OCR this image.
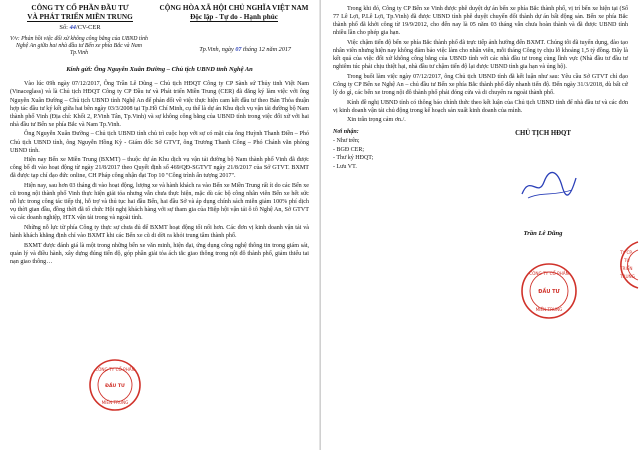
CÔNG TY CỔ PHẦN ĐẦU TƯ
VÀ PHÁT TRIỂN MIỀN TRUNG
Số: 44/CV-CER
CỘNG HÒA XÃ HỘI CHỦ NGHĨA VIỆT NAM
Độc lập - Tự do - Hạnh phúc
V/v: Phản hồi việc đối xử không công bằng của UBND tỉnh Nghệ An giữa hai nhà đầu tư Bến xe phía Bắc và Nam Tp.Vinh	Tp.Vinh, ngày 07 tháng 12 năm 2017
Kính gửi: Ông Nguyễn Xuân Đường – Chủ tịch UBND tỉnh Nghệ An

Vào lúc 09h ngày 07/12/2017, Ông Trần Lê Dũng – Chủ tịch HĐQT Công ty CP Sành sứ Thủy tinh Việt Nam (Vinaceglass) và là Chủ tịch HĐQT Công ty CP Đầu tư và Phát triển Miền Trung (CER) đã đăng ký làm việc với ông Nguyễn Xuân Đường – Chủ tịch UBND tỉnh Nghệ An để phản đối về việc thực hiện cam kết đầu tư theo Bản Thỏa thuận hợp tác đầu tư ký kết giữa hai bên ngày 03/3/2008 tại Tp.Hồ Chí Minh, cụ thể là dự án Khu dịch vụ vận tải đường bộ Nam thành phố Vinh (Địa chỉ: Khối 2, P.Vinh Tân, Tp.Vinh) và sự không công bằng của UBND tỉnh trong việc đối xử với hai nhà đầu tư Bến xe phía Bắc và Nam Tp.Vinh.

Ông Nguyễn Xuân Đường – Chủ tịch UBND tỉnh chủ trì cuộc họp với sự có mặt của ông Huỳnh Thanh Điền – Phó Chủ tịch UBND tỉnh, ông Nguyễn Hồng Kỳ - Giám đốc Sở GTVT, ông Trương Thanh Công – Phó Chánh văn phòng UBND tỉnh.

Hiện nay Bến xe Miền Trung (BXMT) – thuộc dự án Khu dịch vụ vận tải đường bộ Nam thành phố Vinh đã được công bố đi vào hoạt động từ ngày 21/8/2017 theo Quyết định số 469/QĐ-SGTVT ngày 21/8/2017 của Sở GTVT. BXMT đã được tạp chí đạo đức online, CH Pháp công nhận đạt Top 10 "Công trình ấn tượng 2017".

Hiện nay, sau hơn 03 tháng đi vào hoạt động, lượng xe và hành khách ra vào Bến xe Miền Trung rất ít do các Bến xe cũ trong nội thành phố Vinh thực hiện giải tỏa nhưng vẫn chưa thực hiện, mặc dù các bộ công nhân viên Bến xe hết sức nỗ lực trong công tác tiếp thị, hỗ trợ và thủ tục hai đầu Bến, hai đầu Sở và áp dụng chính sách miễn giảm 100% phí dịch vụ thời gian đầu, đồng thời đã tổ chức Hội nghị khách hàng với sự tham gia của Hiệp hội vận tải ô tô Nghệ An, Sở GTVT và các doanh nghiệp, HTX vận tải trong và ngoài tỉnh.

Những nỗ lực từ phía Công ty thực sự chưa đủ để BXMT hoạt động tối nổi hơn. Các đơn vị kinh doanh vận tải và hành khách khẳng định chỉ vào BXMT khi các Bến xe cũ di dời ra khỏi trung tâm thành phố.

BXMT được đánh giá là một trong những bến xe văn minh, hiện đại, ứng dụng công nghệ thông tin trong giám sát, quản lý và điều hành, xây dựng đúng tiến độ, góp phần giải tỏa ách tắc giao thông trong nội đô thành phố, giảm thiểu tai nạn giao thông…

Trong khi đó, Công ty CP Bến xe Vinh được phê duyệt dự án bến xe phía Bắc thành phố, vị trí bến xe hiện tại (Số 77 Lê Lợi, P.Lê Lợi, Tp.Vinh) đã được UBND tỉnh phê duyệt chuyển đổi thành dự án bất động sản. Bến xe phía Bắc thành phố đã khởi công từ 19/9/2012, cho đến nay là 05 năm 03 tháng vẫn chưa hoàn thành và đã được UBND tỉnh nhiều lần cho phép gia hạn.

Việc chậm tiến độ bến xe phía Bắc thành phố đã trực tiếp ảnh hưởng đến BXMT. Chúng tôi đã tuyển dụng, đào tạo nhân viên nhưng hiện nay không đảm bảo việc làm cho nhân viên, mỗi tháng Công ty chịu lỗ khoảng 1,5 tỷ đồng. Đây là kết quả của việc đối xử không công bằng của UBND tỉnh với các nhà đầu tư trong cùng lĩnh vực (Nhà đầu tư đầu tư nghiêm túc phải chịu thiệt hại, nhà đầu tư chậm tiến độ lại được UBND tỉnh gia hạn và ủng hộ).

Trong buổi làm việc ngày 07/12/2017, ông Chủ tịch UBND tỉnh đã kết luận như sau: Yêu cầu Sở GTVT chỉ đạo Công ty CP Bến xe Nghệ An – chủ đầu tư Bến xe phía Bắc thành phố đẩy nhanh tiến độ. Đến ngày 31/3/2018, dù bất cứ lý do gì, các bến xe trong nội đô thành phố phải đóng cửa và di chuyển ra ngoài thành phố.

Kính đề nghị UBND tỉnh có thông báo chính thức theo kết luận của Chủ tịch UBND tỉnh để nhà đầu tư và các đơn vị kinh doanh vận tải chủ động trong kế hoạch sản xuất kinh doanh của mình.

Xin trân trọng cảm ơn./.

Nơi nhận:
- Như trên;
- BGĐ CER;
- Thư ký HĐQT;
- Lưu VT.
CHỦ TỊCH HĐQT
Trần Lê Dũng
CÔNG TY CỔ PHẦN
ĐẦU TƯ
MIỀN TRUNG
TY CP
TƯ
TRIỂN
TRUNG
CÔNG TY CỔ PHẦN
ĐẦU TƯ
MIỀN TRUNG
